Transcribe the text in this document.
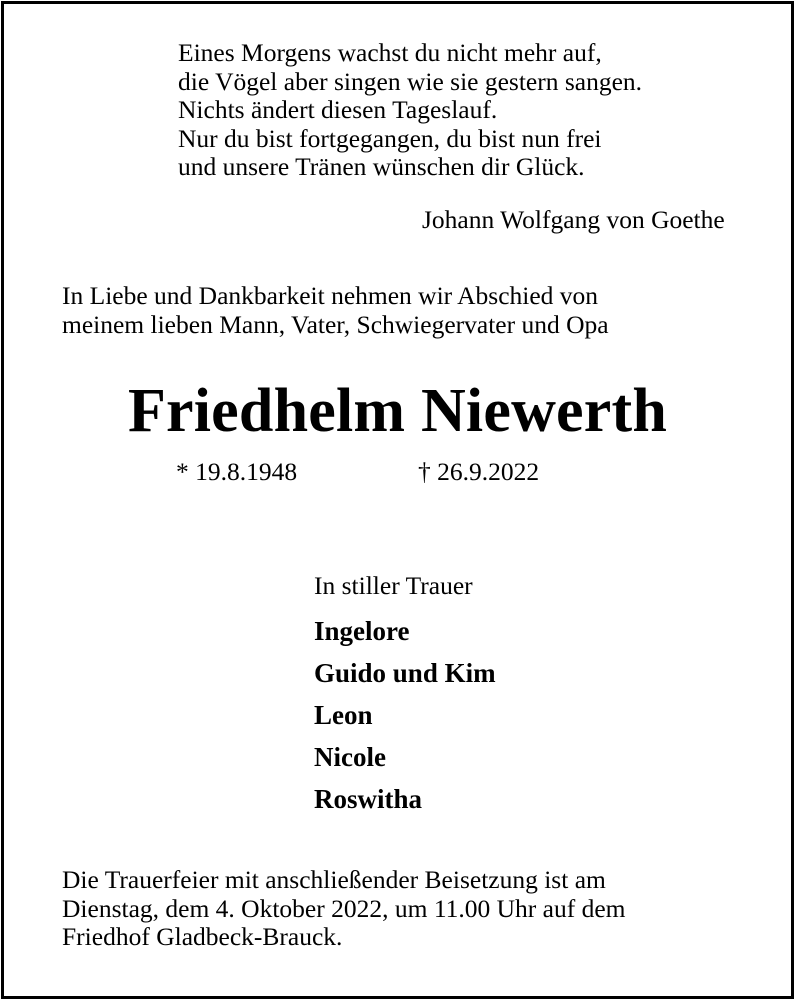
Eines Morgens wachst du nicht mehr auf,
die Vögel aber singen wie sie gestern sangen.
Nichts ändert diesen Tageslauf.
Nur du bist fortgegangen, du bist nun frei
und unsere Tränen wünschen dir Glück.

Johann Wolfgang von Goethe

In Liebe und Dankbarkeit nehmen wir Abschied von
meinem lieben Mann, Vater, Schwiegervater und Opa
Friedhelm Niewerth

* 19.8.1948	† 26.9.2022

In stiller Trauer

Ingelore

Guido und Kim

Leon

Nicole

Roswitha

Die Trauerfeier mit anschließender Beisetzung ist am
Dienstag, dem 4. Oktober 2022, um 11.00 Uhr auf dem
Friedhof Gladbeck-Brauck.
